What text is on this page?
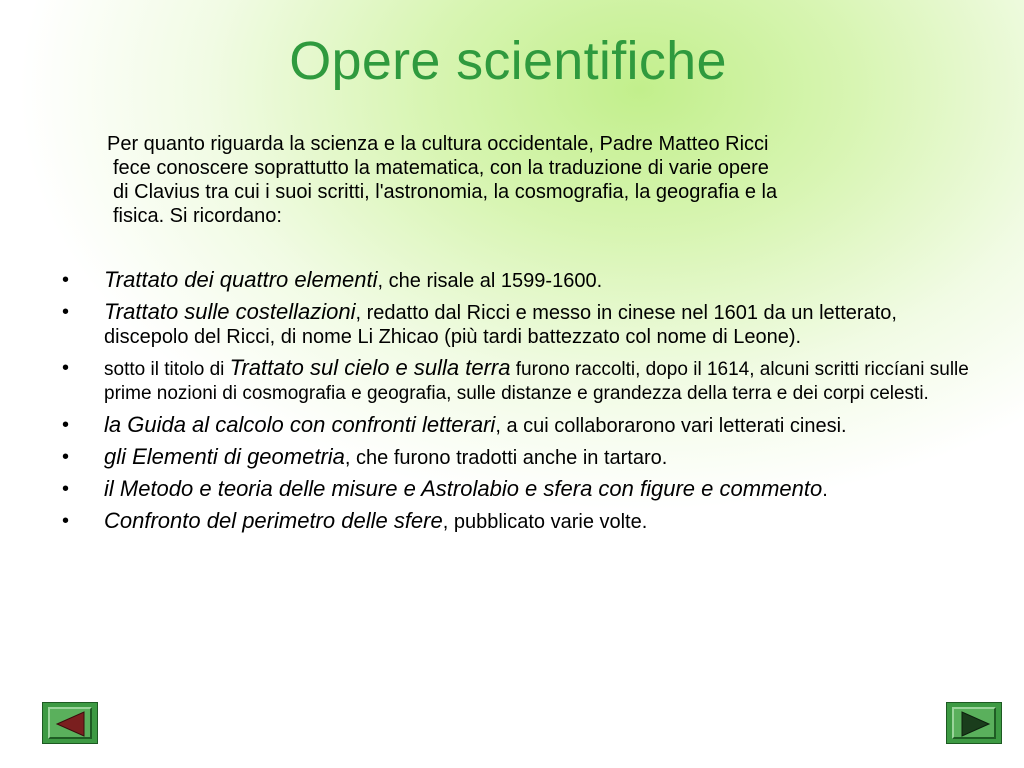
Opere scientifiche
Per quanto riguarda la scienza e la cultura occidentale, Padre Matteo Ricci
fece conoscere soprattutto la matematica, con la traduzione di varie opere
di Clavius tra cui i suoi scritti, l'astronomia, la cosmografia, la geografia e la
fisica. Si ricordano:
• Trattato dei quattro elementi, che risale al 1599-1600.
• Trattato sulle costellazioni, redatto dal Ricci e messo in cinese nel 1601 da un letterato, discepolo del Ricci, di nome Li Zhicao (più tardi battezzato col nome di Leone).
• sotto il titolo di Trattato sul cielo e sulla terra furono raccolti, dopo il 1614, alcuni scritti riccíani sulle prime nozioni di cosmografia e geografia, sulle distanze e grandezza della terra e dei corpi celesti.
• la Guida al calcolo con confronti letterari, a cui collaborarono vari letterati cinesi.
• gli Elementi di geometria, che furono tradotti anche in tartaro.
• il Metodo e teoria delle misure e Astrolabio e sfera con figure e commento.
• Confronto del perimetro delle sfere, pubblicato varie volte.
